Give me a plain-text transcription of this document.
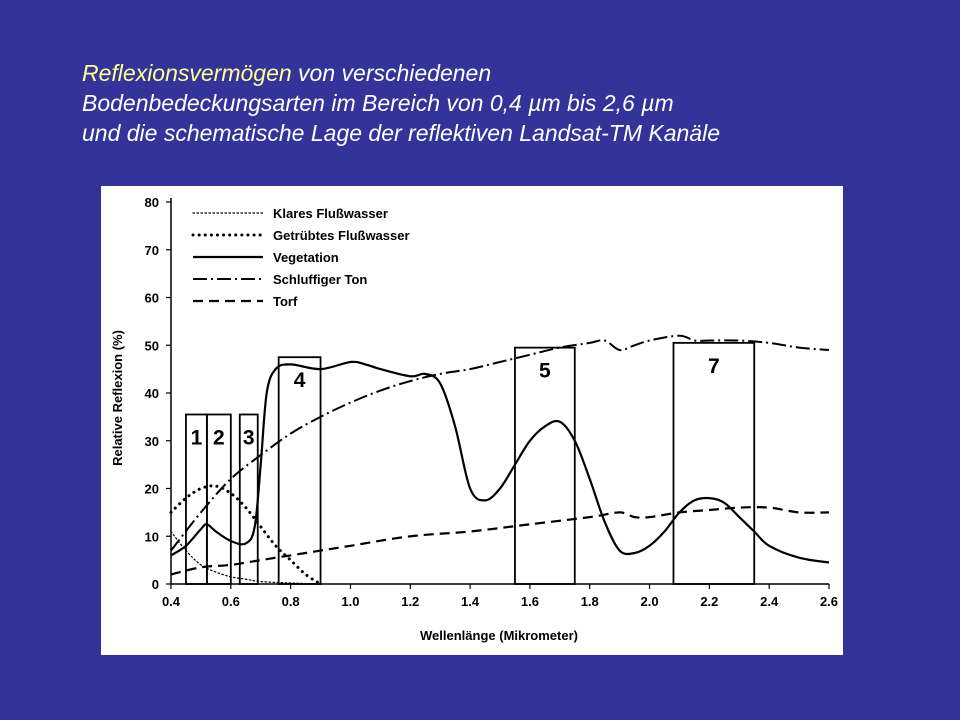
Reflexionsvermögen von verschiedenen
Bodenbedeckungsarten im Bereich von 0,4 µm bis 2,6 µm
und die schematische Lage der reflektiven Landsat-TM Kanäle
0.4	0.6	0.8	1.0	1.2	1.4	1.6	1.8	2.0	2.2	2.4	2.6
0
10
20
30
40
50
60
70
80
1 2 3
4	5	7
Klares Flußwasser
Getrübtes Flußwasser
Vegetation
Schluffiger Ton
Torf
Wellenlänge (Mikrometer)
Relative Reflexion (%)
